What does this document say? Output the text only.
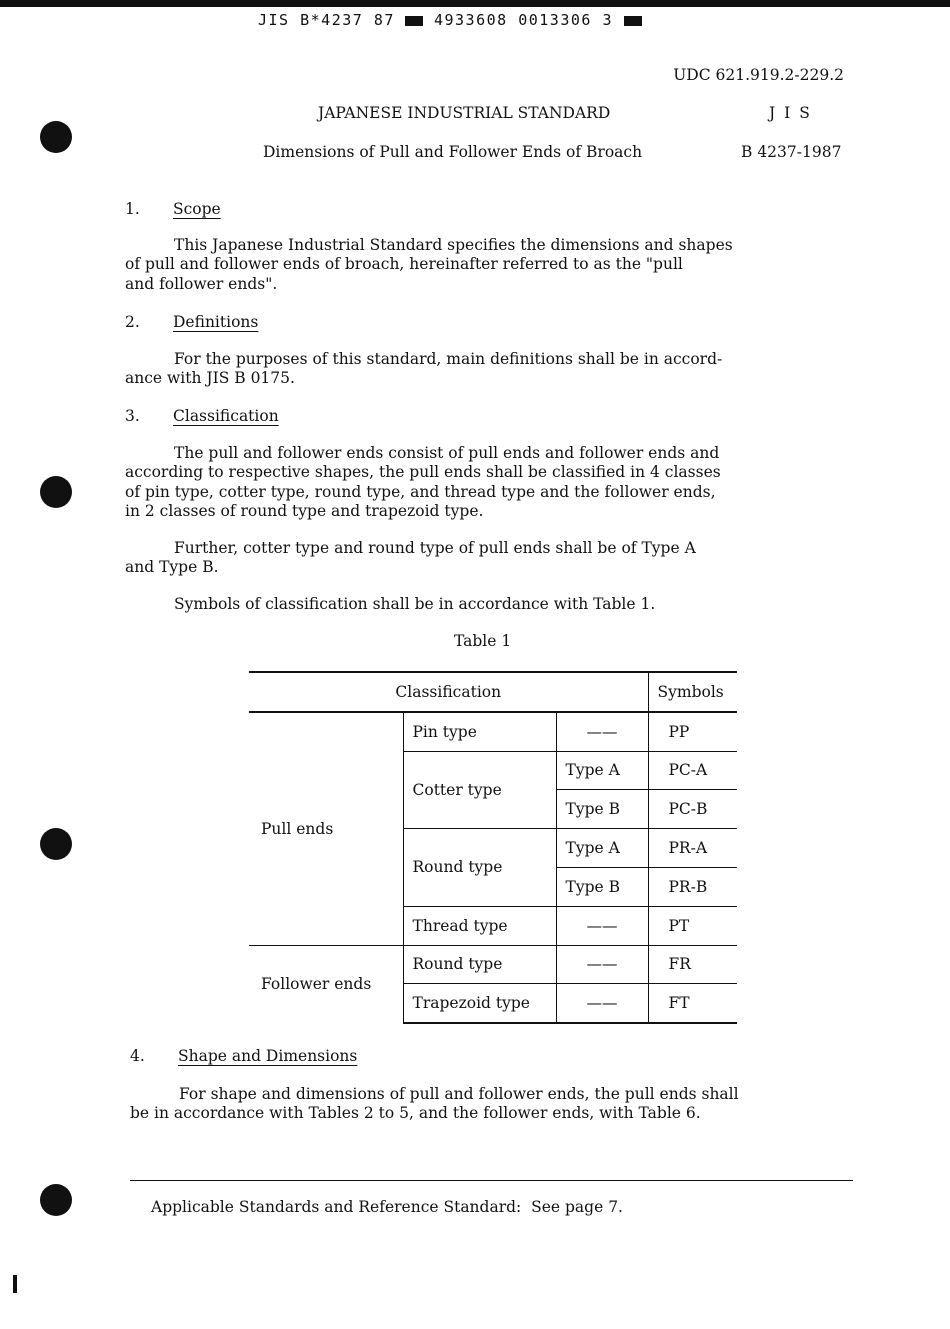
JIS B*4237 87	4933608 0013306 3
UDC 621.919.2-229.2
JAPANESE INDUSTRIAL STANDARD	J I S
Dimensions of Pull and Follower Ends of Broach	B 4237-1987
1. Scope
This Japanese Industrial Standard specifies the dimensions and shapes
of pull and follower ends of broach, hereinafter referred to as the "pull
and follower ends".
2. Definitions
For the purposes of this standard, main definitions shall be in accord-
ance with JIS B 0175.
3. Classification
The pull and follower ends consist of pull ends and follower ends and
according to respective shapes, the pull ends shall be classified in 4 classes
of pin type, cotter type, round type, and thread type and the follower ends,
in 2 classes of round type and trapezoid type.
Further, cotter type and round type of pull ends shall be of Type A
and Type B.
Symbols of classification shall be in accordance with Table 1.
Table 1
Classification			Symbols
Pull ends	Pin type	——	PP
	Cotter type	Type A	PC-A
		Type B	PC-B
	Round type	Type A	PR-A
		Type B	PR-B
	Thread type	——	PT
Follower ends	Round type	——	FR
	Trapezoid type	——	FT
4. Shape and Dimensions
For shape and dimensions of pull and follower ends, the pull ends shall
be in accordance with Tables 2 to 5, and the follower ends, with Table 6.
Applicable Standards and Reference Standard:  See page 7.
